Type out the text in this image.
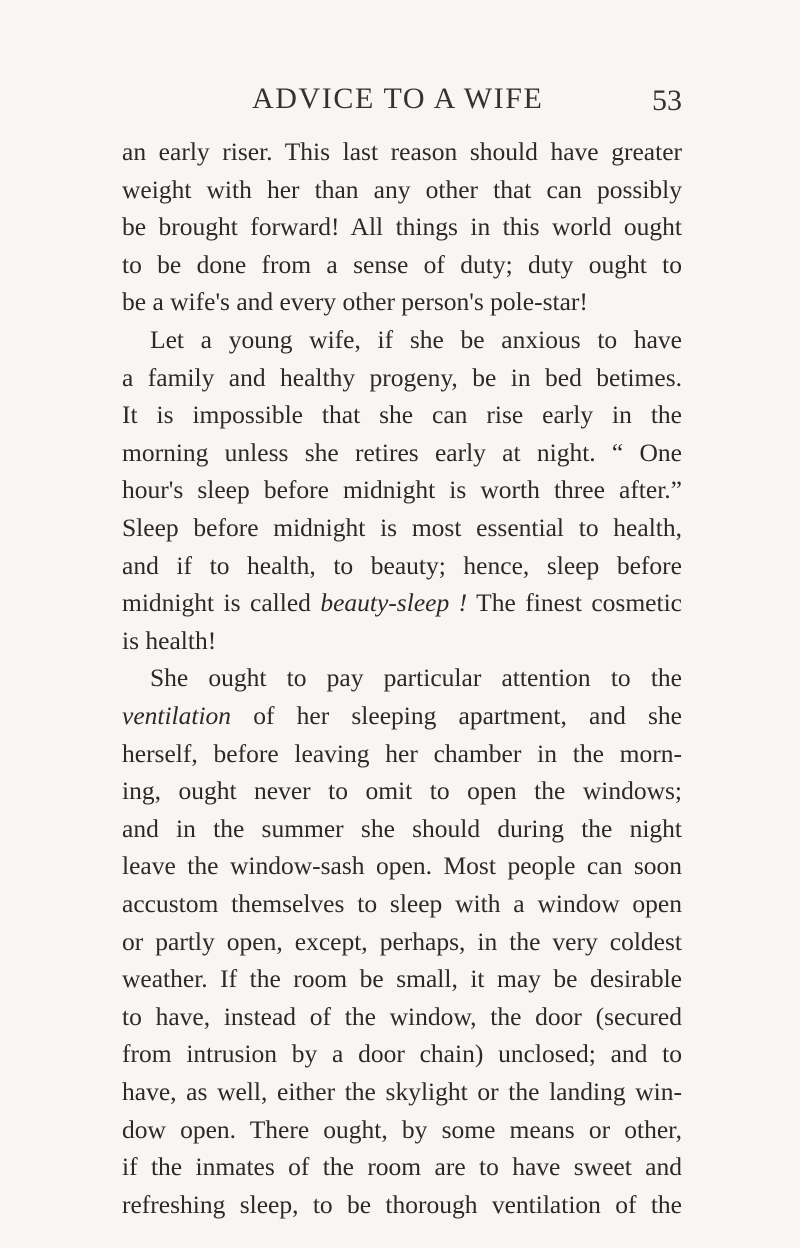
ADVICE TO A WIFE	53
an early riser. This last reason should have greater
weight with her than any other that can possibly
be brought forward! All things in this world ought
to be done from a sense of duty; duty ought to
be a wife's and every other person's pole-star!
Let a young wife, if she be anxious to have
a family and healthy progeny, be in bed betimes.
It is impossible that she can rise early in the
morning unless she retires early at night. “ One
hour's sleep before midnight is worth three after.”
Sleep before midnight is most essential to health,
and if to health, to beauty; hence, sleep before
midnight is called beauty-sleep ! The finest cosmetic
is health!
She ought to pay particular attention to the
ventilation of her sleeping apartment, and she
herself, before leaving her chamber in the morn-
ing, ought never to omit to open the windows;
and in the summer she should during the night
leave the window-sash open. Most people can soon
accustom themselves to sleep with a window open
or partly open, except, perhaps, in the very coldest
weather. If the room be small, it may be desirable
to have, instead of the window, the door (secured
from intrusion by a door chain) unclosed; and to
have, as well, either the skylight or the landing win-
dow open. There ought, by some means or other,
if the inmates of the room are to have sweet and
refreshing sleep, to be thorough ventilation of the
